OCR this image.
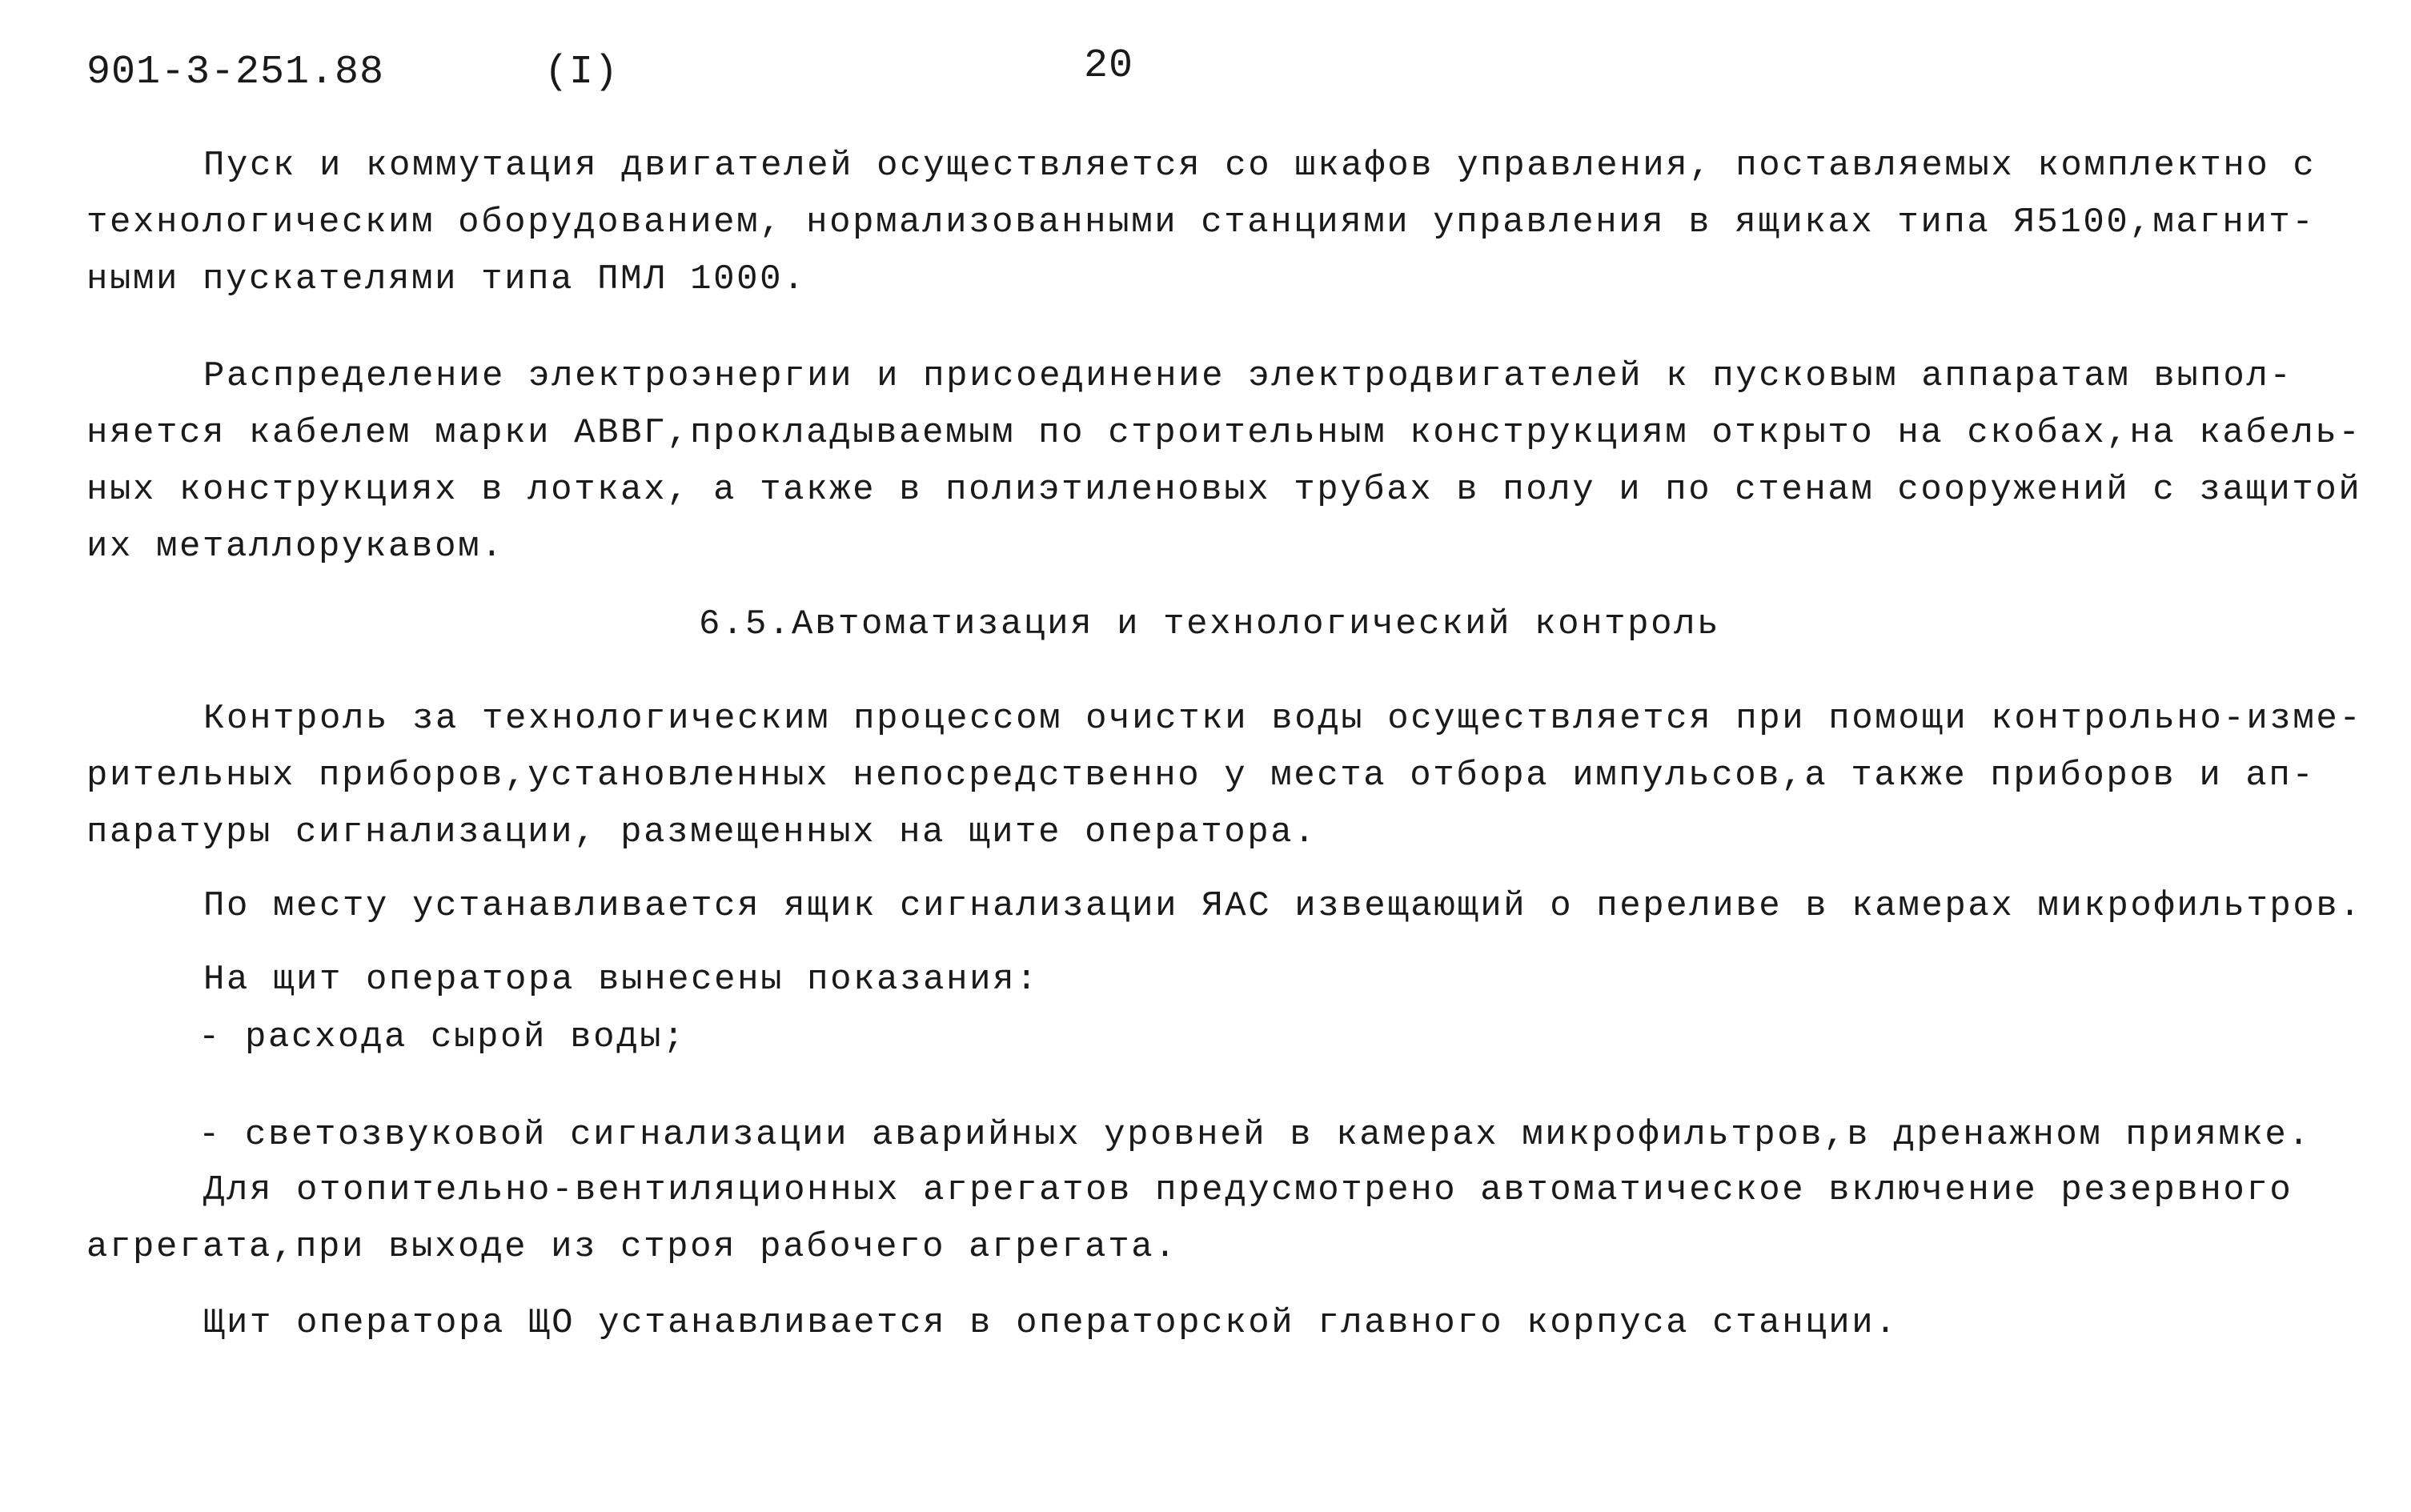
901-3-251.88	(I)	20
Пуск и коммутация двигателей осуществляется со шкафов управления, поставляемых комплектно с
технологическим оборудованием, нормализованными станциями управления в ящиках типа Я5100,магнит-
ными пускателями типа ПМЛ 1000.
Распределение электроэнергии и присоединение электродвигателей к пусковым аппаратам выпол-
няется кабелем марки АВВГ,прокладываемым по строительным конструкциям открыто на скобах,на кабель-
ных конструкциях в лотках, а также в полиэтиленовых трубах в полу и по стенам сооружений с защитой
их металлорукавом.
6.5.Автоматизация и технологический контроль
Контроль за технологическим процессом очистки воды осуществляется при помощи контрольно-изме-
рительных приборов,установленных непосредственно у места отбора импульсов,а также приборов и ап-
паратуры сигнализации, размещенных на щите оператора.
По месту устанавливается ящик сигнализации ЯАС извещающий о переливе в камерах микрофильтров.
На щит оператора вынесены показания:
- расхода сырой воды;
- светозвуковой сигнализации аварийных уровней в камерах микрофильтров,в дренажном приямке.
Для отопительно-вентиляционных агрегатов предусмотрено автоматическое включение резервного
агрегата,при выходе из строя рабочего агрегата.
Щит оператора ЩО устанавливается в операторской главного корпуса станции.
